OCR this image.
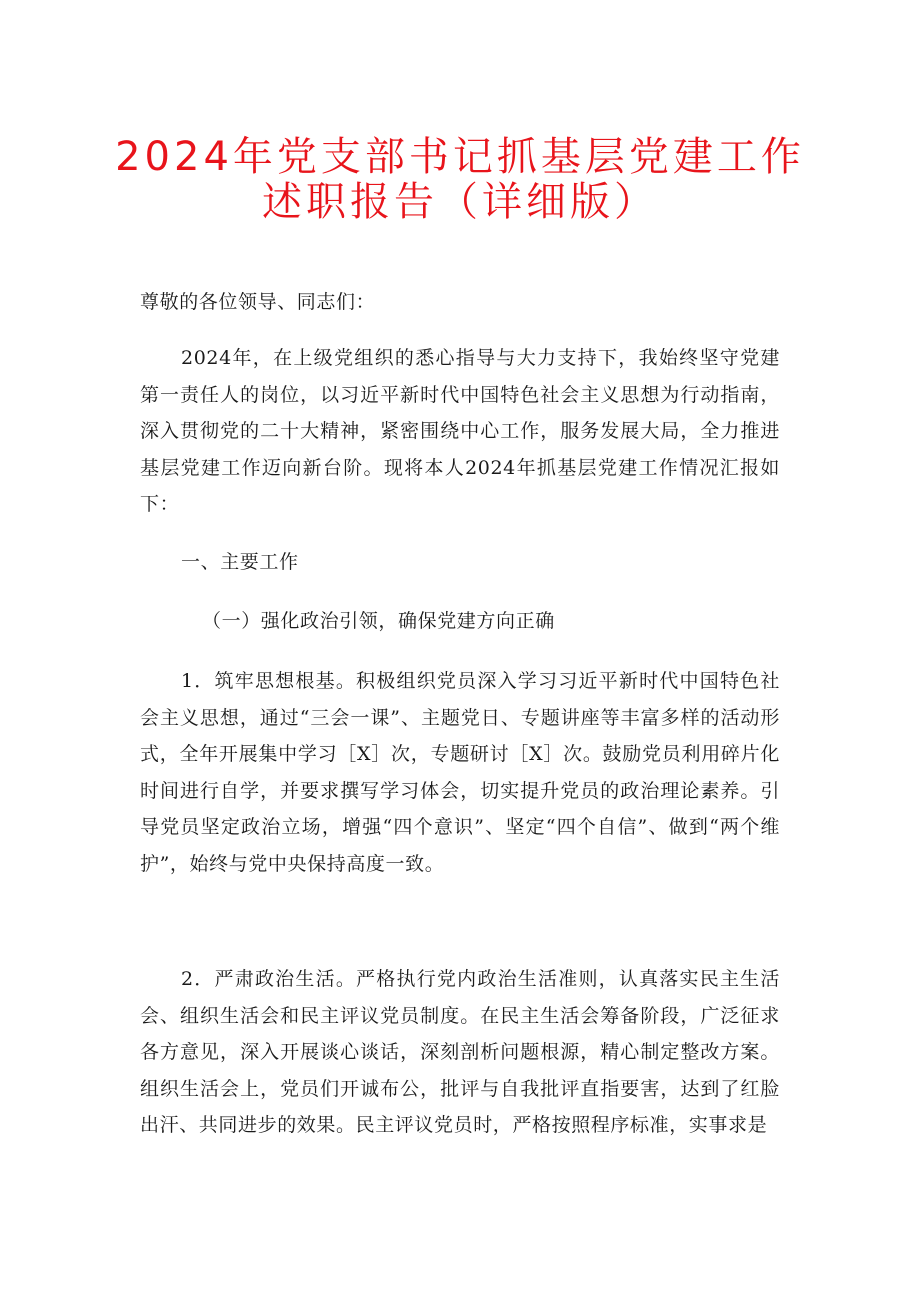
2024年党支部书记抓基层党建工作
述职报告（详细版）
尊敬的各位领导、同志们：
2024年，在上级党组织的悉心指导与大力支持下，我始终坚守党建第一责任人的岗位，以习近平新时代中国特色社会主义思想为行动指南，深入贯彻党的二十大精神，紧密围绕中心工作，服务发展大局，全力推进基层党建工作迈向新台阶。现将本人2024年抓基层党建工作情况汇报如下：
一、主要工作
（一）强化政治引领，确保党建方向正确
1．筑牢思想根基。积极组织党员深入学习习近平新时代中国特色社会主义思想，通过“三会一课”、主题党日、专题讲座等丰富多样的活动形式，全年开展集中学习［X］次，专题研讨［X］次。鼓励党员利用碎片化时间进行自学，并要求撰写学习体会，切实提升党员的政治理论素养。引导党员坚定政治立场，增强“四个意识”、坚定“四个自信”、做到“两个维护”，始终与党中央保持高度一致。
2．严肃政治生活。严格执行党内政治生活准则，认真落实民主生活会、组织生活会和民主评议党员制度。在民主生活会筹备阶段，广泛征求各方意见，深入开展谈心谈话，深刻剖析问题根源，精心制定整改方案。组织生活会上，党员们开诚布公，批评与自我批评直指要害，达到了红脸出汗、共同进步的效果。民主评议党员时，严格按照程序标准，实事求是
